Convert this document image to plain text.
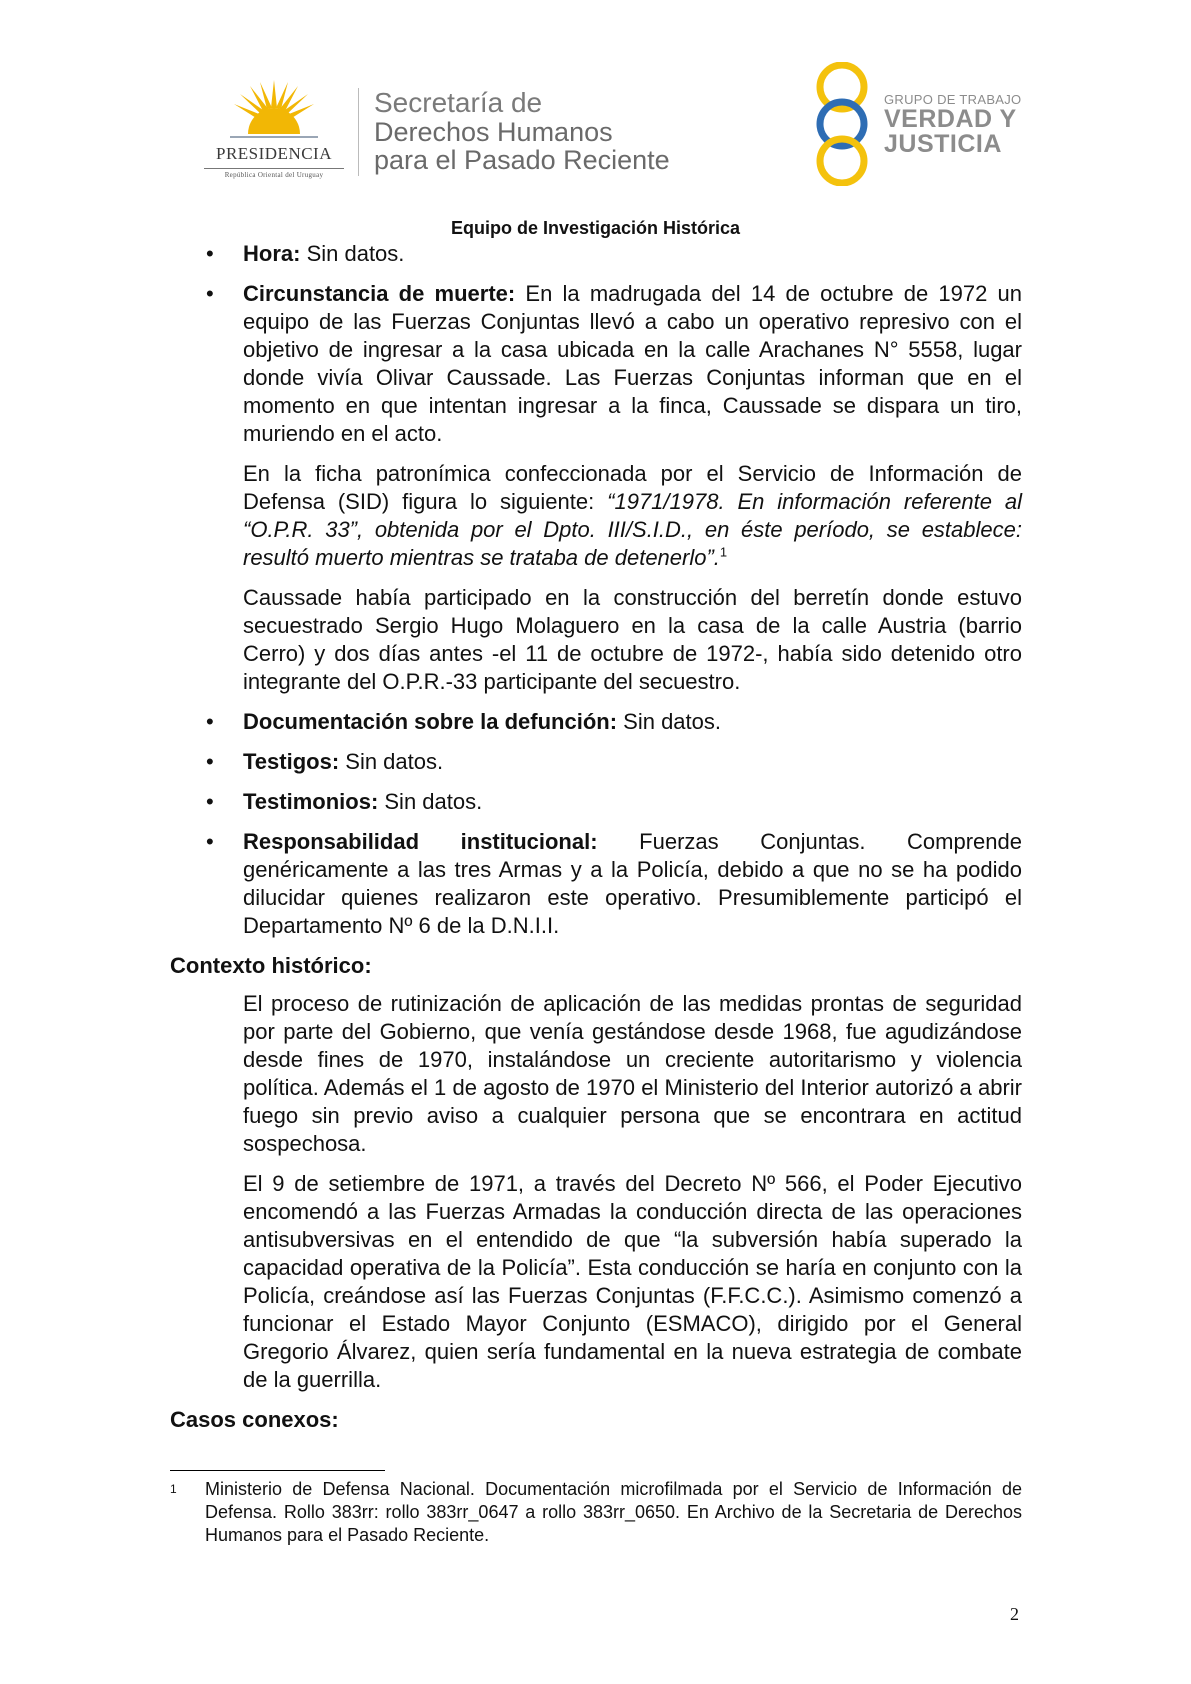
PRESIDENCIA
República Oriental del Uruguay
Secretaría de
Derechos Humanos
para el Pasado Reciente
GRUPO DE TRABAJO
VERDAD Y
JUSTICIA
Equipo de Investigación Histórica
• Hora: Sin datos.
• Circunstancia de muerte: En la madrugada del 14 de octubre de 1972 un equipo de las Fuerzas Conjuntas llevó a cabo un operativo represivo con el objetivo de ingresar a la casa ubicada en la calle Arachanes N° 5558, lugar donde vivía Olivar Caussade. Las Fuerzas Conjuntas informan que en el momento en que intentan ingresar a la finca, Caussade se dispara un tiro, muriendo en el acto.
En la ficha patronímica confeccionada por el Servicio de Información de Defensa (SID) figura lo siguiente: “1971/1978. En información referente al “O.P.R. 33”, obtenida por el Dpto. III/S.I.D., en éste período, se establece: resultó muerto mientras se trataba de detenerlo”.$^1$
Caussade había participado en la construcción del berretín donde estuvo secuestrado Sergio Hugo Molaguero en la casa de la calle Austria (barrio Cerro) y dos días antes -el 11 de octubre de 1972-, había sido detenido otro integrante del O.P.R.-33 participante del secuestro.
• Documentación sobre la defunción: Sin datos.
• Testigos: Sin datos.
• Testimonios: Sin datos.
• Responsabilidad institucional: Fuerzas Conjuntas. Comprende genéricamente a las tres Armas y a la Policía, debido a que no se ha podido dilucidar quienes realizaron este operativo. Presumiblemente participó el Departamento Nº 6 de la D.N.I.I.
Contexto histórico:
El proceso de rutinización de aplicación de las medidas prontas de seguridad por parte del Gobierno, que venía gestándose desde 1968, fue agudizándose desde fines de 1970, instalándose un creciente autoritarismo y violencia política. Además el 1 de agosto de 1970 el Ministerio del Interior autorizó a abrir fuego sin previo aviso a cualquier persona que se encontrara en actitud sospechosa.
El 9 de setiembre de 1971, a través del Decreto Nº 566, el Poder Ejecutivo encomendó a las Fuerzas Armadas la conducción directa de las operaciones antisubversivas en el entendido de que “la subversión había superado la capacidad operativa de la Policía”. Esta conducción se haría en conjunto con la Policía, creándose así las Fuerzas Conjuntas (F.F.C.C.). Asimismo comenzó a funcionar el Estado Mayor Conjunto (ESMACO), dirigido por el General Gregorio Álvarez, quien sería fundamental en la nueva estrategia de combate de la guerrilla.
Casos conexos:
1	Ministerio de Defensa Nacional. Documentación microfilmada por el Servicio de Información de Defensa. Rollo 383rr: rollo 383rr_0647 a rollo 383rr_0650. En Archivo de la Secretaria de Derechos Humanos para el Pasado Reciente.
2
